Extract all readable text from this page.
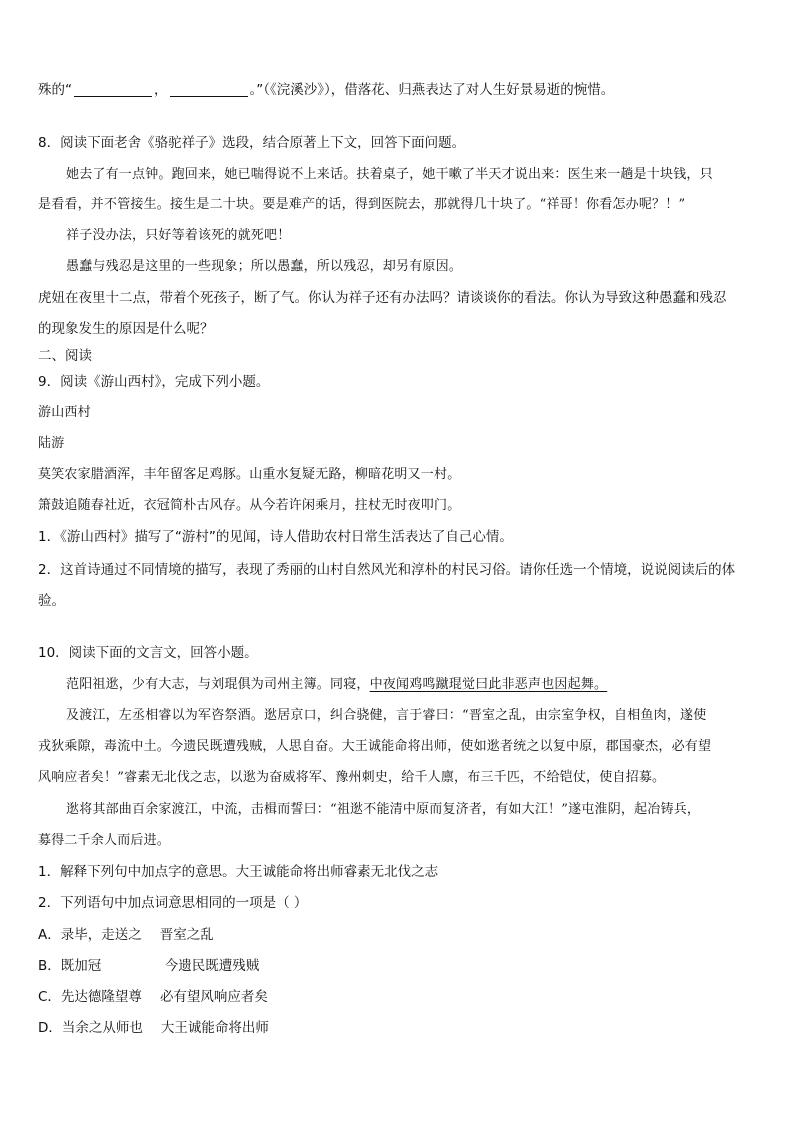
殊的“	，	。”（《浣溪沙》），借落花、归燕表达了对人生好景易逝的惋惜。
8．阅读下面老舍《骆驼祥子》选段，结合原著上下文，回答下面问题。
她去了有一点钟。跑回来，她已喘得说不上来话。扶着桌子，她干嗽了半天才说出来：医生来一趟是十块钱，只
是看看，并不管接生。接生是二十块。要是难产的话，得到医院去，那就得几十块了。“祥哥！你看怎办呢？！”
祥子没办法，只好等着该死的就死吧！
愚蠢与残忍是这里的一些现象；所以愚蠢，所以残忍，却另有原因。
虎妞在夜里十二点，带着个死孩子，断了气。你认为祥子还有办法吗？请谈谈你的看法。你认为导致这种愚蠢和残忍
的现象发生的原因是什么呢？
二、阅读
9．阅读《游山西村》，完成下列小题。
游山西村
陆游
莫笑农家腊酒浑，丰年留客足鸡豚。山重水复疑无路，柳暗花明又一村。
箫鼓追随春社近，衣冠简朴古风存。从今若许闲乘月，拄杖无时夜叩门。
1．《游山西村》描写了“游村”的见闻，诗人借助农村日常生活表达了自己心情。
2．这首诗通过不同情境的描写，表现了秀丽的山村自然风光和淳朴的村民习俗。请你任选一个情境，说说阅读后的体
验。
10．阅读下面的文言文，回答小题。
范阳祖逖，少有大志，与刘琨俱为司州主簿。同寝，中夜闻鸡鸣蹴琨觉曰此非恶声也因起舞。
及渡江，左丞相睿以为军咨祭酒。逖居京口，纠合骁健，言于睿曰：“晋室之乱，由宗室争权，自相鱼肉，遂使
戎狄乘隙，毒流中土。今遗民既遭残贼，人思自奋。大王诚能命将出师，使如逖者统之以复中原，郡国豪杰，必有望
风响应者矣！”睿素无北伐之志，以逖为奋威将军、豫州刺史，给千人廪，布三千匹，不给铠仗，使自招募。
逖将其部曲百余家渡江，中流，击楫而誓曰：“祖逖不能清中原而复济者，有如大江！”遂屯淮阴，起冶铸兵，
募得二千余人而后进。
1．解释下列句中加点字的意思。大王诚能命将出师睿素无北伐之志
2．下列语句中加点词意思相同的一项是（ ）
A．录毕，走送之 晋室之乱
B．既加冠	今遗民既遭残贼
C．先达德隆望尊 必有望风响应者矣
D．当余之从师也 大王诚能命将出师
